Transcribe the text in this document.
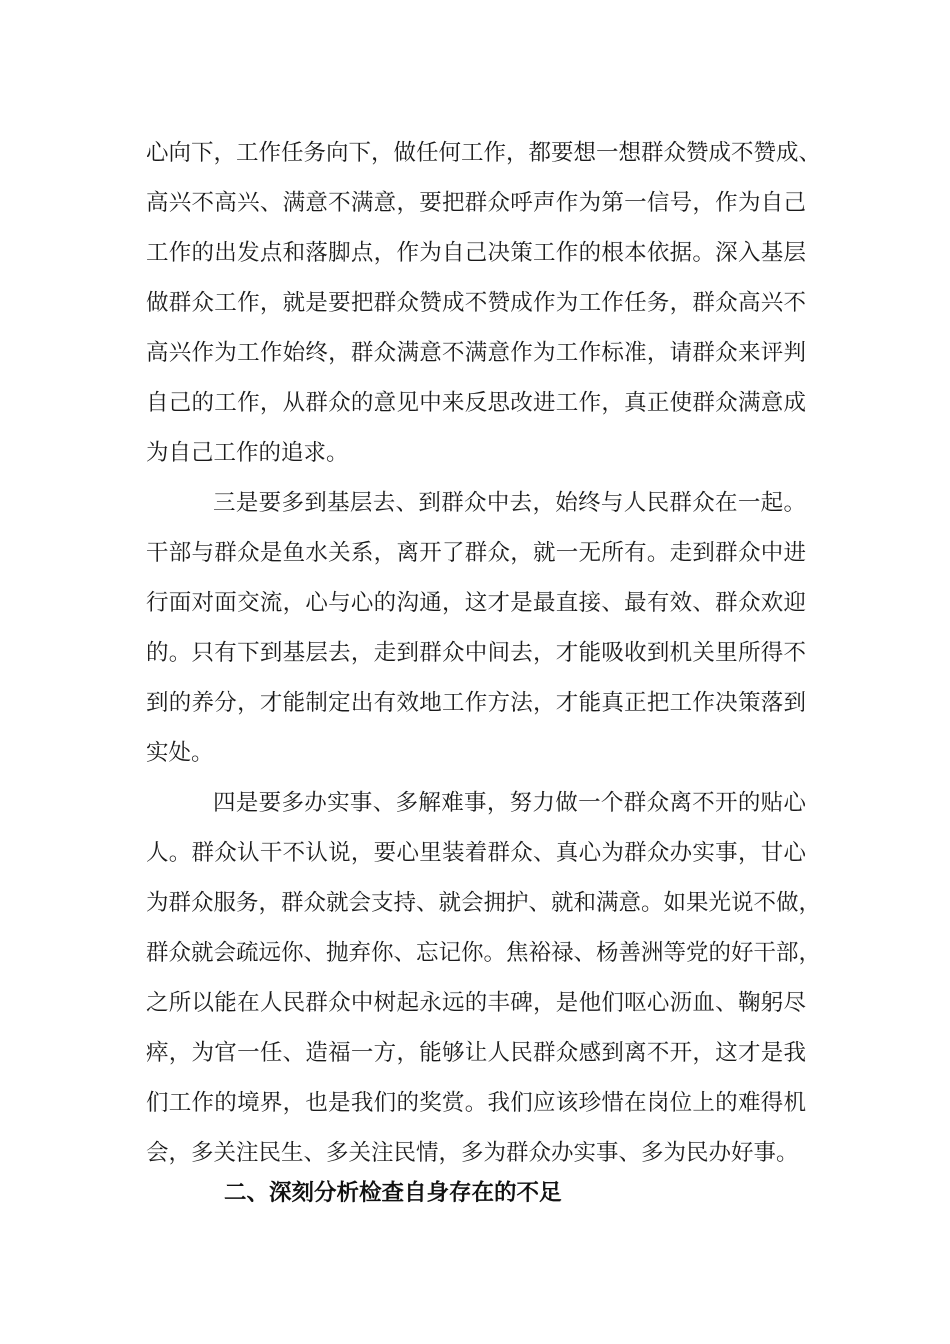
心向下，工作任务向下，做任何工作，都要想一想群众赞成不赞成、
高兴不高兴、满意不满意，要把群众呼声作为第一信号，作为自己
工作的出发点和落脚点，作为自己决策工作的根本依据。深入基层
做群众工作，就是要把群众赞成不赞成作为工作任务，群众高兴不
高兴作为工作始终，群众满意不满意作为工作标准，请群众来评判
自己的工作，从群众的意见中来反思改进工作，真正使群众满意成
为自己工作的追求。
三是要多到基层去、到群众中去，始终与人民群众在一起。
干部与群众是鱼水关系，离开了群众，就一无所有。走到群众中进
行面对面交流，心与心的沟通，这才是最直接、最有效、群众欢迎
的。只有下到基层去，走到群众中间去，才能吸收到机关里所得不
到的养分，才能制定出有效地工作方法，才能真正把工作决策落到
实处。
四是要多办实事、多解难事，努力做一个群众离不开的贴心
人。群众认干不认说，要心里装着群众、真心为群众办实事，甘心
为群众服务，群众就会支持、就会拥护、就和满意。如果光说不做，
群众就会疏远你、抛弃你、忘记你。焦裕禄、杨善洲等党的好干部，
之所以能在人民群众中树起永远的丰碑，是他们呕心沥血、鞠躬尽
瘁，为官一任、造福一方，能够让人民群众感到离不开，这才是我
们工作的境界，也是我们的奖赏。我们应该珍惜在岗位上的难得机
会，多关注民生、多关注民情，多为群众办实事、多为民办好事。
二、深刻分析检查自身存在的不足
